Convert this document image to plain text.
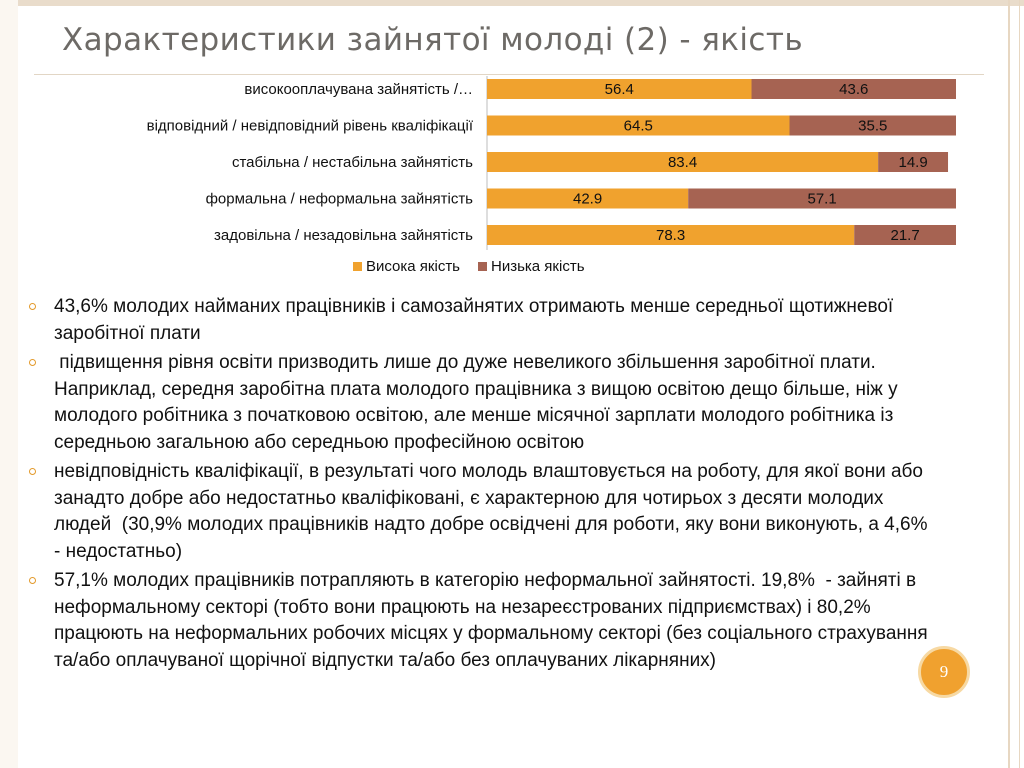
Характеристики зайнятої молоді (2) - якість
високооплачувана зайнятість /…	56.4	43.6
відповідний / невідповідний рівень кваліфікації	64.5	35.5
стабільна / нестабільна зайнятість	83.4	14.9
формальна / неформальна зайнятість	42.9	57.1
задовільна / незадовільна зайнятість	78.3	21.7
Висока якість Низька якість
43,6% молодих найманих працівників і самозайнятих отримають менше середньої щотижневої заробітної плати
підвищення рівня освіти призводить лише до дуже невеликого збільшення заробітної плати. Наприклад, середня заробітна плата молодого працівника з вищою освітою дещо більше, ніж у молодого робітника з початковою освітою, але менше місячної зарплати молодого робітника із середньою загальною або середньою професійною освітою
невідповідність кваліфікації, в результаті чого молодь влаштовується на роботу, для якої вони або занадто добре або недостатньо кваліфіковані, є характерною для чотирьох з десяти молодих людей  (30,9% молодих працівників надто добре освідчені для роботи, яку вони виконують, а 4,6% - недостатньо)
57,1% молодих працівників потрапляють в категорію неформальної зайнятості. 19,8%  - зайняті в неформальному секторі (тобто вони працюють на незареєстрованих підприємствах) і 80,2% працюють на неформальних робочих місцях у формальному секторі (без соціального страхування та/або оплачуваної щорічної відпустки та/або без оплачуваних лікарняних)
9
